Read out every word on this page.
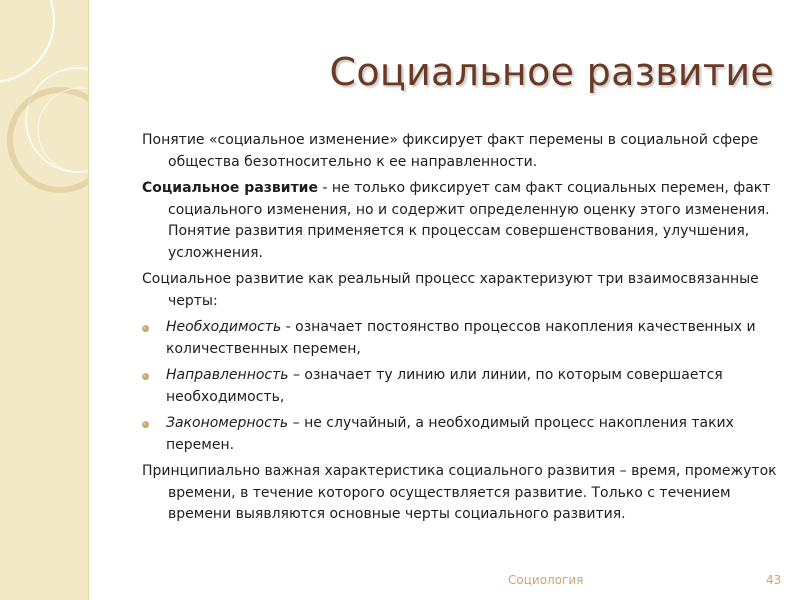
Социальное развитие

Понятие «социальное изменение» фиксирует факт перемены в социальной сфере общества безотносительно к ее направленности.

Социальное развитие - не только фиксирует сам факт социальных перемен, факт социального изменения, но и содержит определенную оценку этого изменения. Понятие развития применяется к процессам совершенствования, улучшения, усложнения.

Социальное развитие как реальный процесс характеризуют три взаимосвязанные черты:

Необходимость - означает постоянство процессов накопления качественных и количественных перемен,
Направленность – означает ту линию или линии, по которым совершается необходимость,
Закономерность – не случайный, а необходимый процесс накопления таких перемен.

Принципиально важная характеристика социального развития – время, промежуток времени, в течение которого осуществляется развитие. Только с течением времени выявляются основные черты социального развития.

Социология	43
